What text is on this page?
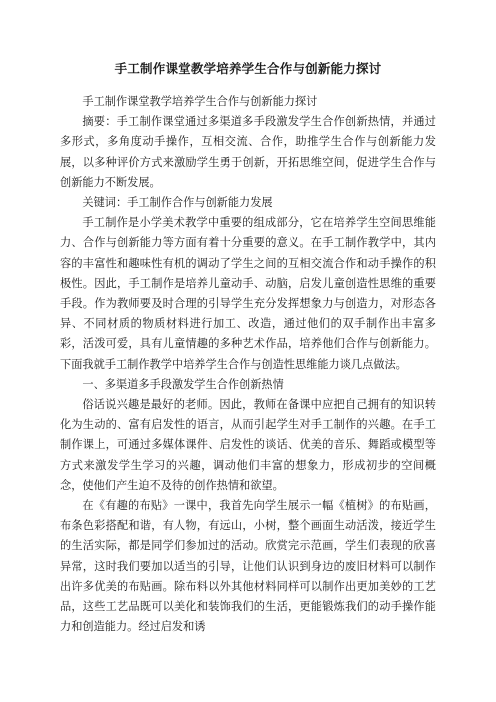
手工制作课堂教学培养学生合作与创新能力探讨

手工制作课堂教学培养学生合作与创新能力探讨

摘要：手工制作课堂通过多渠道多手段激发学生合作创新热情，并通过多形式，多角度动手操作，互相交流、合作，助推学生合作与创新能力发展，以多种评价方式来激励学生勇于创新，开拓思维空间，促进学生合作与创新能力不断发展。

关键词：手工制作合作与创新能力发展

手工制作是小学美术教学中重要的组成部分，它在培养学生空间思维能力、合作与创新能力等方面有着十分重要的意义。在手工制作教学中，其内容的丰富性和趣味性有机的调动了学生之间的互相交流合作和动手操作的积极性。因此，手工制作是培养儿童动手、动脑，启发儿童创造性思维的重要手段。作为教师要及时合理的引导学生充分发挥想象力与创造力，对形态各异、不同材质的物质材料进行加工、改造，通过他们的双手制作出丰富多彩，活泼可爱，具有儿童情趣的多种艺术作品，培养他们合作与创新能力。下面我就手工制作教学中培养学生合作与创造性思维能力谈几点做法。

一、多渠道多手段激发学生合作创新热情

俗话说兴趣是最好的老师。因此，教师在备课中应把自己拥有的知识转化为生动的、富有启发性的语言，从而引起学生对手工制作的兴趣。在手工制作课上，可通过多媒体课件、启发性的谈话、优美的音乐、舞蹈或模型等方式来激发学生学习的兴趣，调动他们丰富的想象力，形成初步的空间概念，使他们产生迫不及待的创作热情和欲望。

在《有趣的布贴》一课中，我首先向学生展示一幅《植树》的布贴画，布条色彩搭配和谐，有人物，有远山，小树，整个画面生动活泼，接近学生的生活实际，都是同学们参加过的活动。欣赏完示范画，学生们表现的欣喜异常，这时我们要加以适当的引导，让他们认识到身边的废旧材料可以制作出许多优美的布贴画。除布料以外其他材料同样可以制作出更加美妙的工艺品，这些工艺品既可以美化和装饰我们的生活，更能锻炼我们的动手操作能力和创造能力。经过启发和诱
